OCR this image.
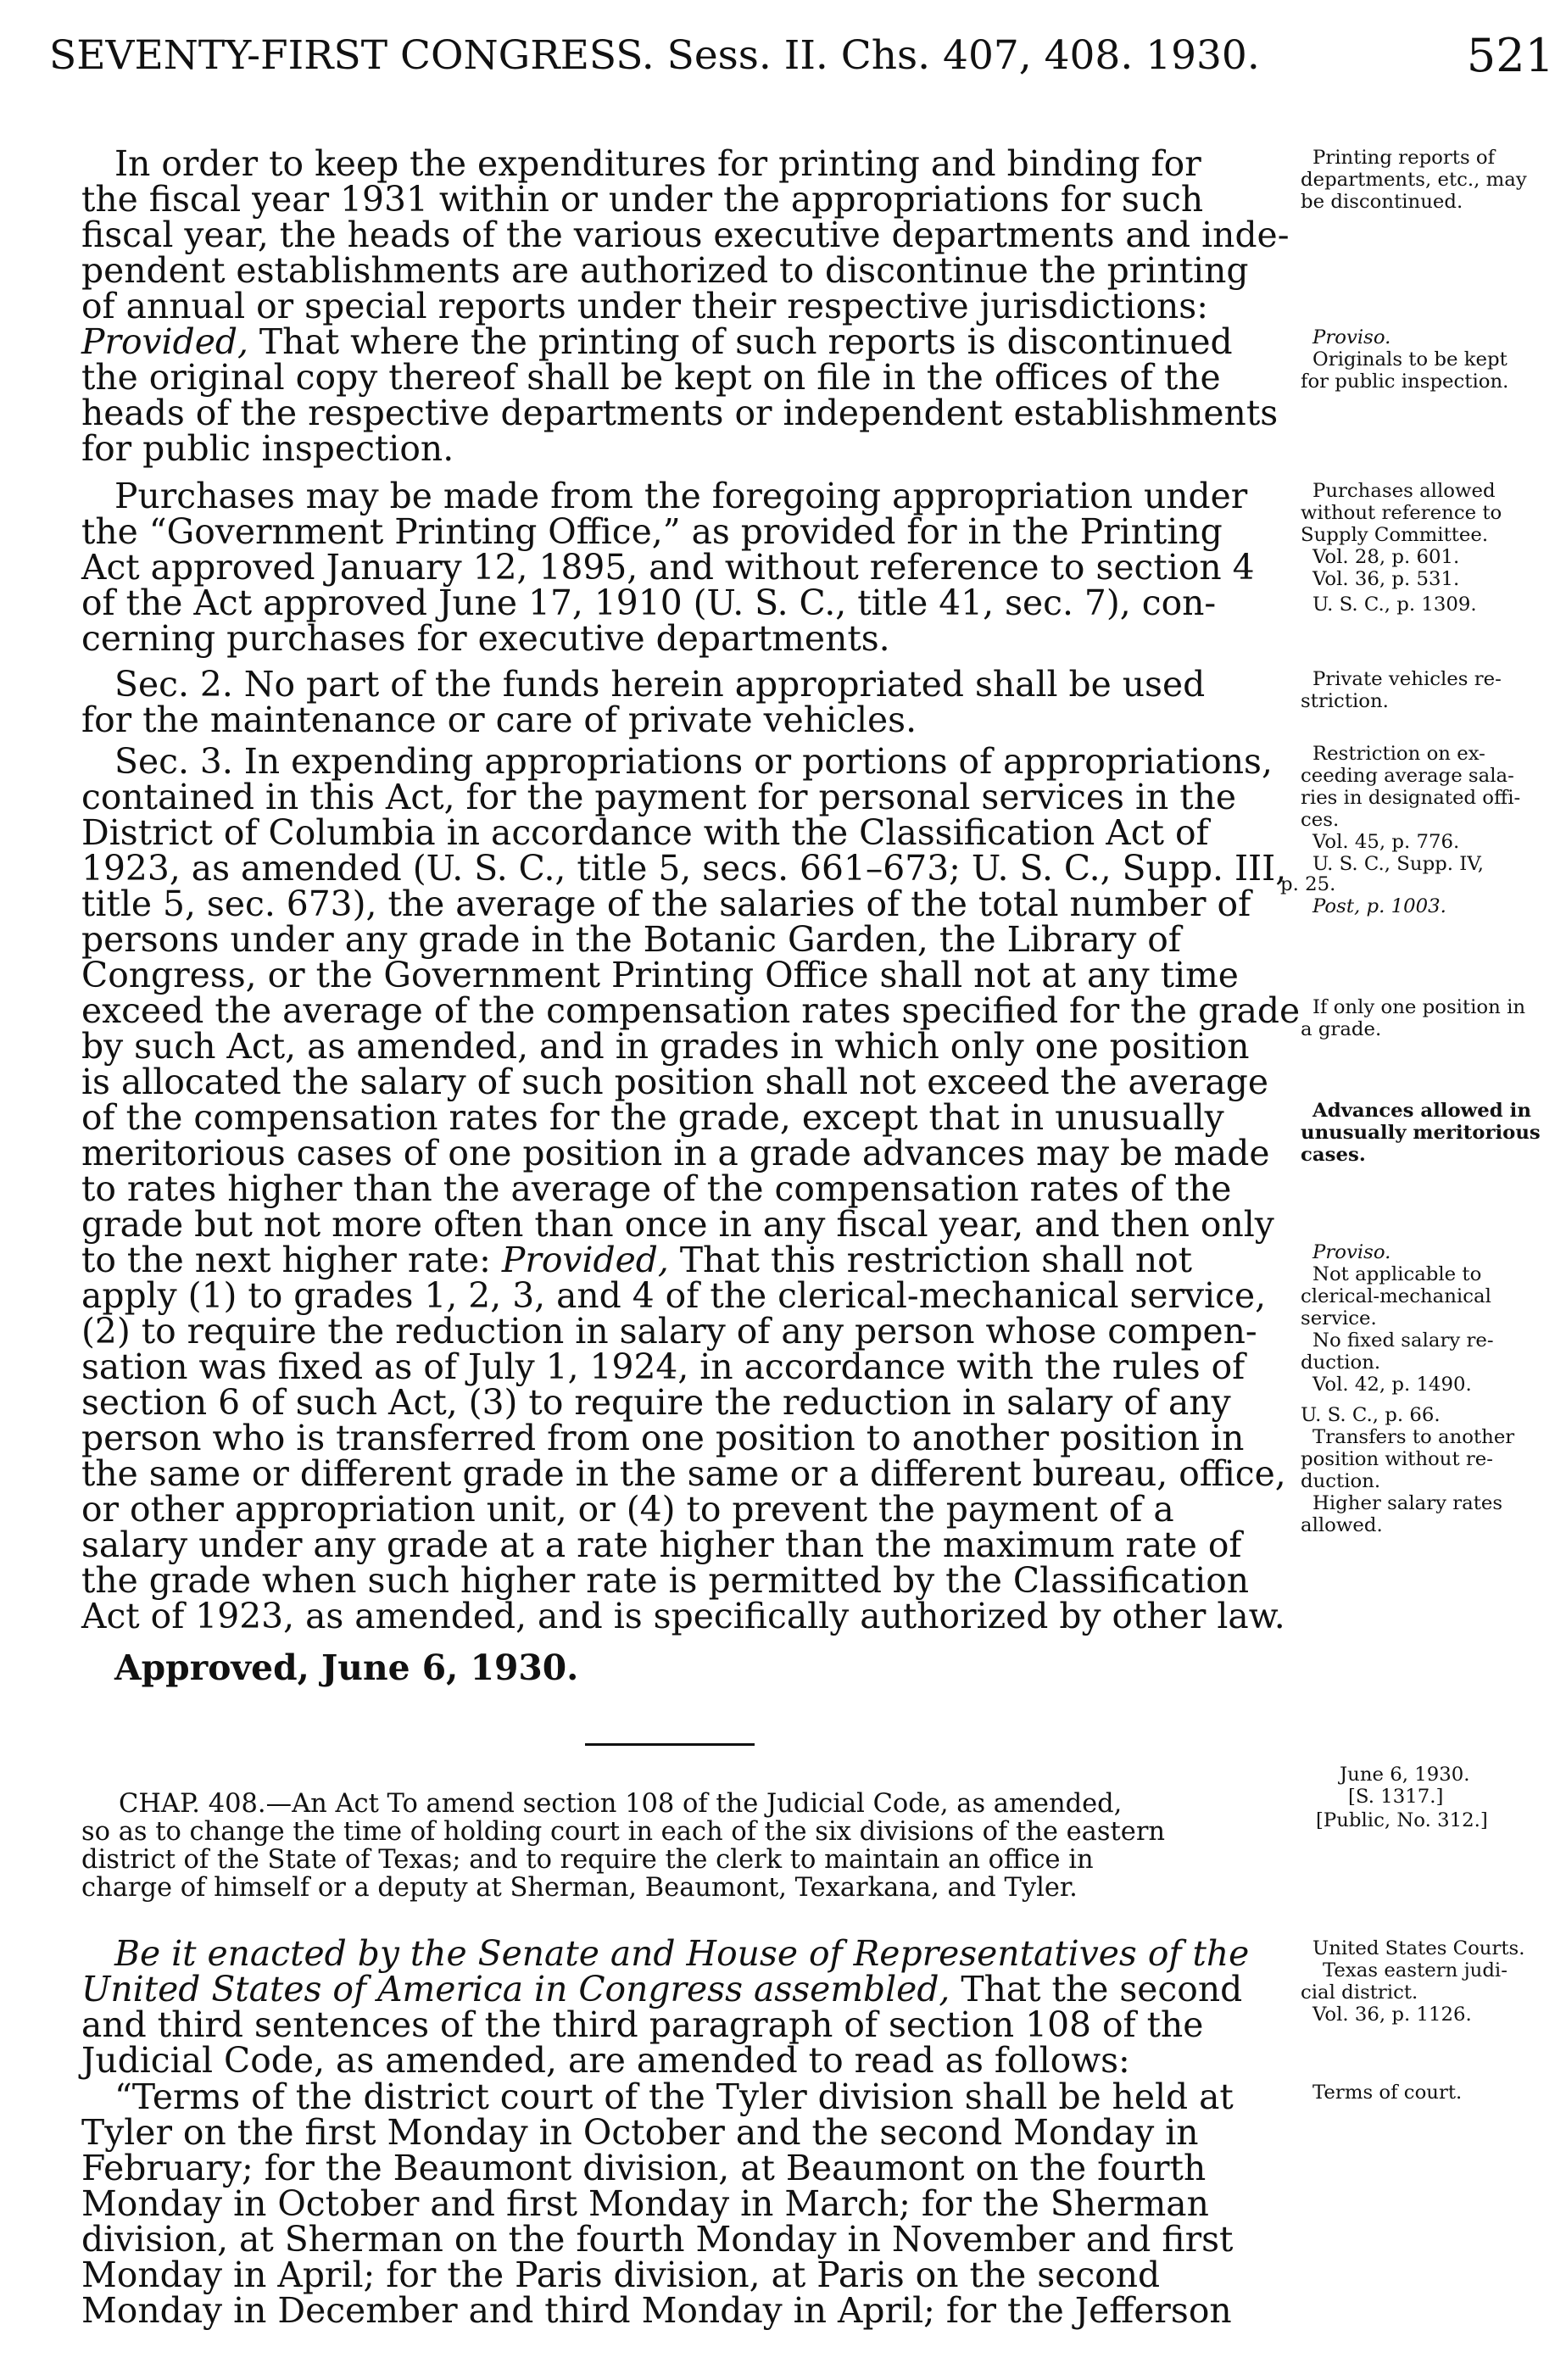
SEVENTY-FIRST CONGRESS. Sess. II. Chs. 407, 408. 1930.	521
In order to keep the expenditures for printing and binding for
the fiscal year 1931 within or under the appropriations for such
fiscal year, the heads of the various executive departments and inde-
pendent establishments are authorized to discontinue the printing
of annual or special reports under their respective jurisdictions:
Provided, That where the printing of such reports is discontinued
the original copy thereof shall be kept on file in the offices of the
heads of the respective departments or independent establishments
for public inspection.
Purchases may be made from the foregoing appropriation under
the “Government Printing Office,” as provided for in the Printing
Act approved January 12, 1895, and without reference to section 4
of the Act approved June 17, 1910 (U. S. C., title 41, sec. 7), con-
cerning purchases for executive departments.
Sec. 2. No part of the funds herein appropriated shall be used
for the maintenance or care of private vehicles.
Sec. 3. In expending appropriations or portions of appropriations,
contained in this Act, for the payment for personal services in the
District of Columbia in accordance with the Classification Act of
1923, as amended (U. S. C., title 5, secs. 661–673; U. S. C., Supp. III,
title 5, sec. 673), the average of the salaries of the total number of
persons under any grade in the Botanic Garden, the Library of
Congress, or the Government Printing Office shall not at any time
exceed the average of the compensation rates specified for the grade
by such Act, as amended, and in grades in which only one position
is allocated the salary of such position shall not exceed the average
of the compensation rates for the grade, except that in unusually
meritorious cases of one position in a grade advances may be made
to rates higher than the average of the compensation rates of the
grade but not more often than once in any fiscal year, and then only
to the next higher rate: Provided, That this restriction shall not
apply (1) to grades 1, 2, 3, and 4 of the clerical-mechanical service,
(2) to require the reduction in salary of any person whose compen-
sation was fixed as of July 1, 1924, in accordance with the rules of
section 6 of such Act, (3) to require the reduction in salary of any
person who is transferred from one position to another position in
the same or different grade in the same or a different bureau, office,
or other appropriation unit, or (4) to prevent the payment of a
salary under any grade at a rate higher than the maximum rate of
the grade when such higher rate is permitted by the Classification
Act of 1923, as amended, and is specifically authorized by other law.
Approved, June 6, 1930.
CHAP. 408.—An Act To amend section 108 of the Judicial Code, as amended,
so as to change the time of holding court in each of the six divisions of the eastern
district of the State of Texas; and to require the clerk to maintain an office in
charge of himself or a deputy at Sherman, Beaumont, Texarkana, and Tyler.
Be it enacted by the Senate and House of Representatives of the
United States of America in Congress assembled, That the second
and third sentences of the third paragraph of section 108 of the
Judicial Code, as amended, are amended to read as follows:
“Terms of the district court of the Tyler division shall be held at
Tyler on the first Monday in October and the second Monday in
February; for the Beaumont division, at Beaumont on the fourth
Monday in October and first Monday in March; for the Sherman
division, at Sherman on the fourth Monday in November and first
Monday in April; for the Paris division, at Paris on the second
Monday in December and third Monday in April; for the Jefferson
Printing reports of
departments, etc., may
be discontinued.
Proviso.
Originals to be kept
for public inspection.
Purchases allowed
without reference to
Supply Committee.
Vol. 28, p. 601.
Vol. 36, p. 531.
U. S. C., p. 1309.
Private vehicles re-
striction.
Restriction on ex-
ceeding average sala-
ries in designated offi-
ces.
Vol. 45, p. 776.
U. S. C., Supp. IV,
p. 25.
Post, p. 1003.
If only one position in
a grade.
Advances allowed in
unusually meritorious
cases.
Proviso.
Not applicable to
clerical-mechanical
service.
No fixed salary re-
duction.
Vol. 42, p. 1490.
U. S. C., p. 66.
Transfers to another
position without re-
duction.
Higher salary rates
allowed.
June 6, 1930.
[S. 1317.]
[Public, No. 312.]
United States Courts.
Texas eastern judi-
cial district.
Vol. 36, p. 1126.
Terms of court.
